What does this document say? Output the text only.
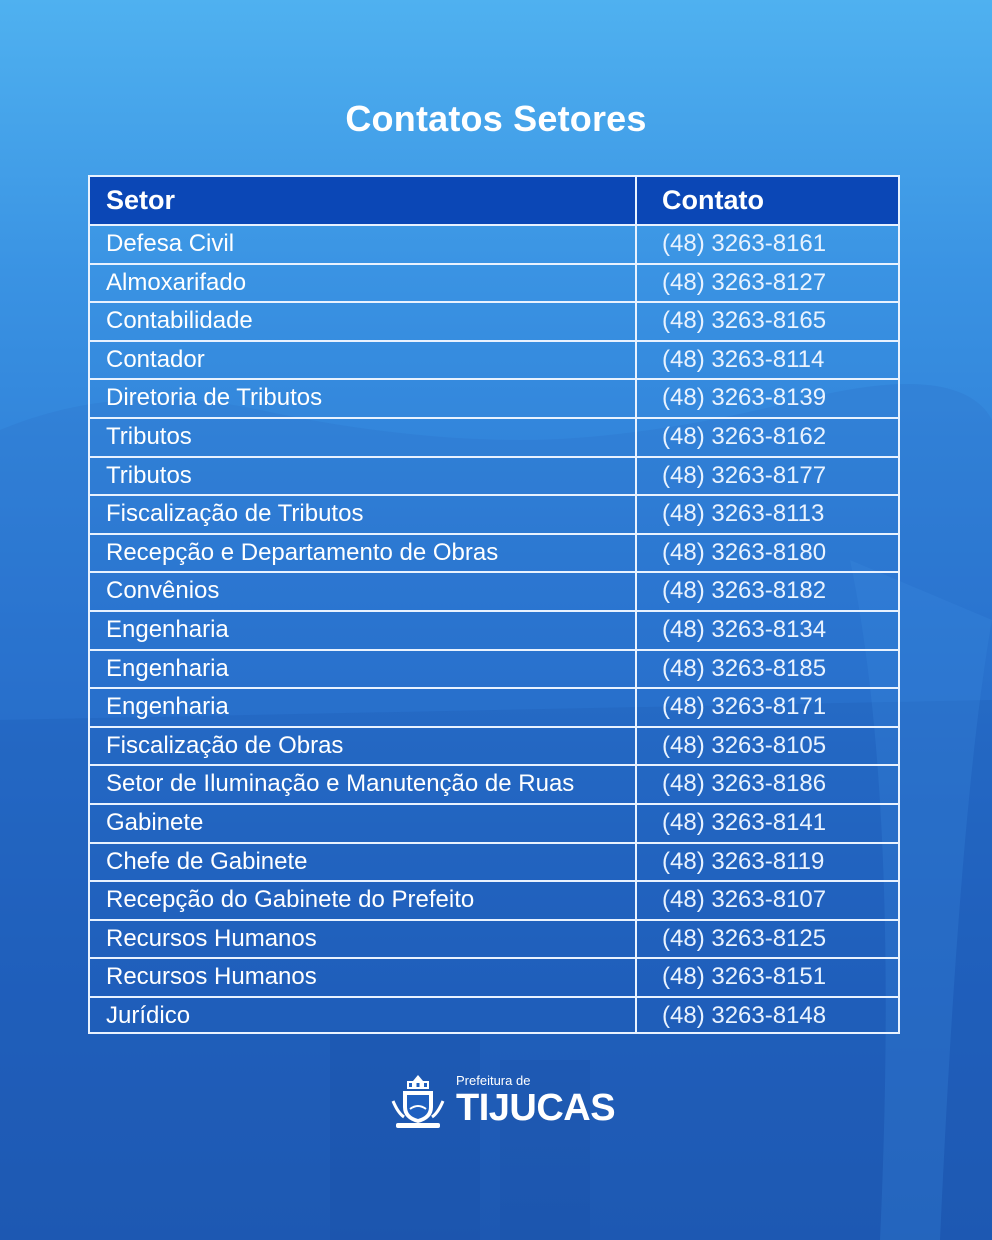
Contatos Setores
Setor	Contato
Defesa Civil	(48) 3263-8161
Almoxarifado	(48) 3263-8127
Contabilidade	(48) 3263-8165
Contador	(48) 3263-8114
Diretoria de Tributos	(48) 3263-8139
Tributos	(48) 3263-8162
Tributos	(48) 3263-8177
Fiscalização de Tributos	(48) 3263-8113
Recepção e Departamento de Obras	(48) 3263-8180
Convênios	(48) 3263-8182
Engenharia	(48) 3263-8134
Engenharia	(48) 3263-8185
Engenharia	(48) 3263-8171
Fiscalização de Obras	(48) 3263-8105
Setor de Iluminação e Manutenção de Ruas	(48) 3263-8186
Gabinete	(48) 3263-8141
Chefe de Gabinete	(48) 3263-8119
Recepção do Gabinete do Prefeito	(48) 3263-8107
Recursos Humanos	(48) 3263-8125
Recursos Humanos	(48) 3263-8151
Jurídico	(48) 3263-8148
Prefeitura de
TIJUCAS
